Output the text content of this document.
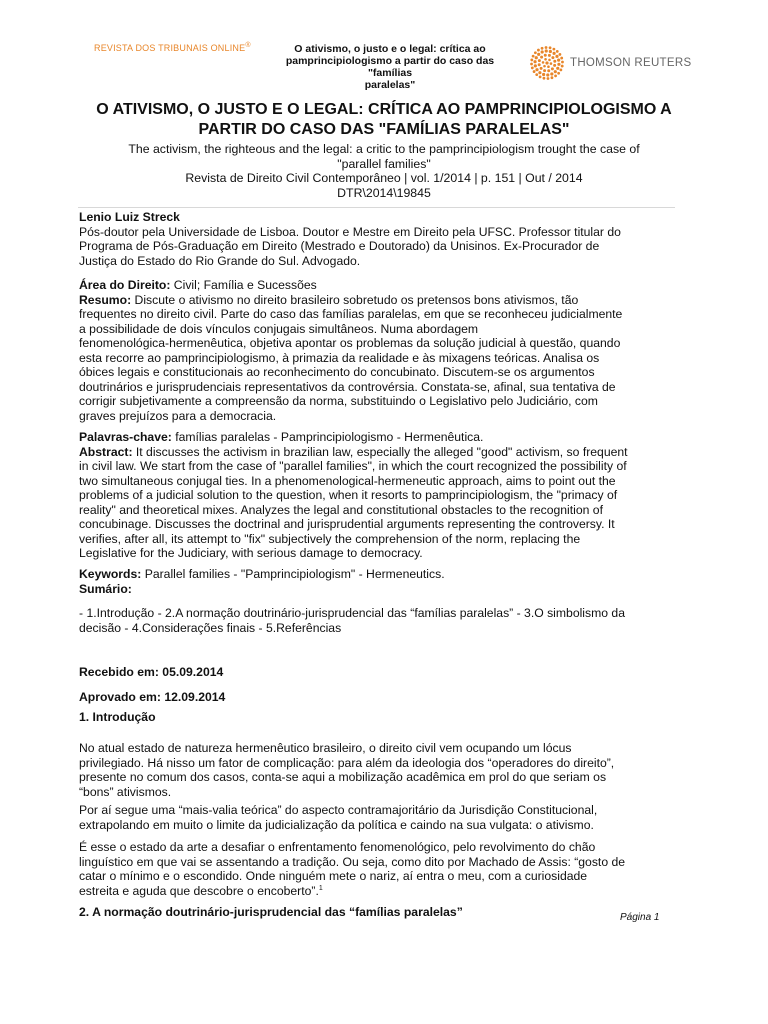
REVISTA DOS TRIBUNAIS ONLINE®	O ativismo, o justo e o legal: crítica ao
pamprincipiologismo a partir do caso das "famílias
paralelas"
THOMSON REUTERS
O ATIVISMO, O JUSTO E O LEGAL: CRÍTICA AO PAMPRINCIPIOLOGISMO A
PARTIR DO CASO DAS "FAMÍLIAS PARALELAS"
The activism, the righteous and the legal: a critic to the pamprincipiologism trought the case of
"parallel families"
Revista de Direito Civil Contemporâneo | vol. 1/2014 | p. 151 | Out / 2014
DTR\2014\19845
Lenio Luiz Streck
Pós-doutor pela Universidade de Lisboa. Doutor e Mestre em Direito pela UFSC. Professor titular do
Programa de Pós-Graduação em Direito (Mestrado e Doutorado) da Unisinos. Ex-Procurador de
Justiça do Estado do Rio Grande do Sul. Advogado.
Área do Direito: Civil; Família e Sucessões
Resumo: Discute o ativismo no direito brasileiro sobretudo os pretensos bons ativismos, tão
frequentes no direito civil. Parte do caso das famílias paralelas, em que se reconheceu judicialmente
a possibilidade de dois vínculos conjugais simultâneos. Numa abordagem
fenomenológica-hermenêutica, objetiva apontar os problemas da solução judicial à questão, quando
esta recorre ao pamprincipiologismo, à primazia da realidade e às mixagens teóricas. Analisa os
óbices legais e constitucionais ao reconhecimento do concubinato. Discutem-se os argumentos
doutrinários e jurisprudenciais representativos da controvérsia. Constata-se, afinal, sua tentativa de
corrigir subjetivamente a compreensão da norma, substituindo o Legislativo pelo Judiciário, com
graves prejuízos para a democracia.
Palavras-chave: famílias paralelas - Pamprincipiologismo - Hermenêutica.
Abstract: It discusses the activism in brazilian law, especially the alleged "good" activism, so frequent
in civil law. We start from the case of "parallel families", in which the court recognized the possibility of
two simultaneous conjugal ties. In a phenomenological-hermeneutic approach, aims to point out the
problems of a judicial solution to the question, when it resorts to pamprincipiologism, the "primacy of
reality" and theoretical mixes. Analyzes the legal and constitutional obstacles to the recognition of
concubinage. Discusses the doctrinal and jurisprudential arguments representing the controversy. It
verifies, after all, its attempt to "fix" subjectively the comprehension of the norm, replacing the
Legislative for the Judiciary, with serious damage to democracy.
Keywords: Parallel families - "Pamprincipiologism" - Hermeneutics.
Sumário:
- 1.Introdução - 2.A normação doutrinário-jurisprudencial das “famílias paralelas” - 3.O simbolismo da
decisão - 4.Considerações finais - 5.Referências
Recebido em: 05.09.2014
Aprovado em: 12.09.2014
1. Introdução
No atual estado de natureza hermenêutico brasileiro, o direito civil vem ocupando um lócus
privilegiado. Há nisso um fator de complicação: para além da ideologia dos “operadores do direito”,
presente no comum dos casos, conta-se aqui a mobilização acadêmica em prol do que seriam os
“bons” ativismos.
Por aí segue uma “mais-valia teórica” do aspecto contramajoritário da Jurisdição Constitucional,
extrapolando em muito o limite da judicialização da política e caindo na sua vulgata: o ativismo.
É esse o estado da arte a desafiar o enfrentamento fenomenológico, pelo revolvimento do chão
linguístico em que vai se assentando a tradição. Ou seja, como dito por Machado de Assis: “gosto de
catar o mínimo e o escondido. Onde ninguém mete o nariz, aí entra o meu, com a curiosidade
estreita e aguda que descobre o encoberto”.$^1$
2. A normação doutrinário-jurisprudencial das “famílias paralelas”	Página 1
